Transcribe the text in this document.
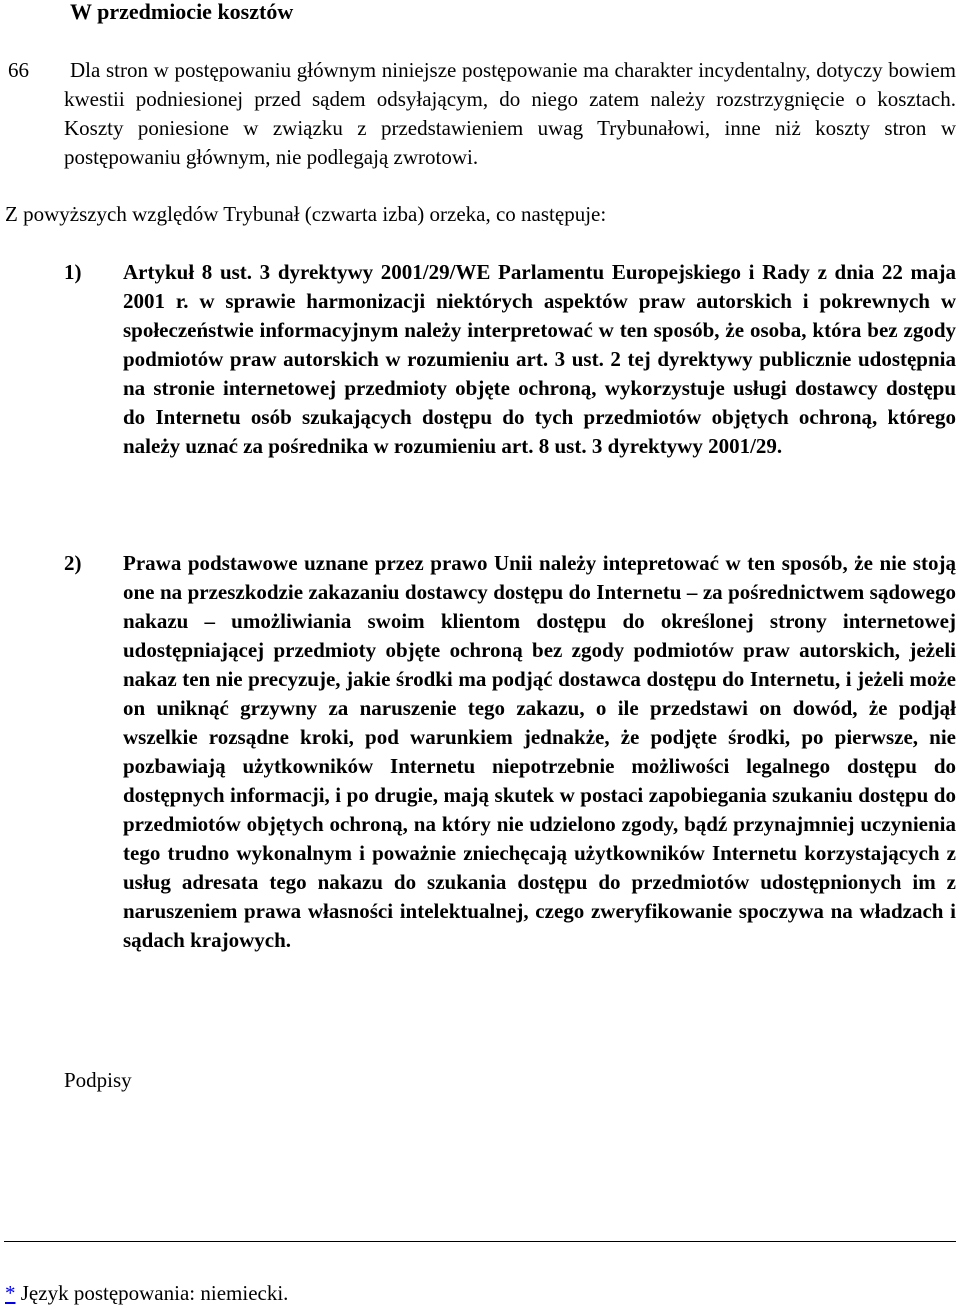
W przedmiocie kosztów
66 Dla stron w postępowaniu głównym niniejsze postępowanie ma charakter incydentalny, dotyczy bowiem kwestii podniesionej przed sądem odsyłającym, do niego zatem należy rozstrzygnięcie o kosztach. Koszty poniesione w związku z przedstawieniem uwag Trybunałowi, inne niż koszty stron w postępowaniu głównym, nie podlegają zwrotowi.
Z powyższych względów Trybunał (czwarta izba) orzeka, co następuje:
1) Artykuł 8 ust. 3 dyrektywy 2001/29/WE Parlamentu Europejskiego i Rady z dnia 22 maja 2001 r. w sprawie harmonizacji niektórych aspektów praw autorskich i pokrewnych w społeczeństwie informacyjnym należy interpretować w ten sposób, że osoba, która bez zgody podmiotów praw autorskich w rozumieniu art. 3 ust. 2 tej dyrektywy publicznie udostępnia na stronie internetowej przedmioty objęte ochroną, wykorzystuje usługi dostawcy dostępu do Internetu osób szukających dostępu do tych przedmiotów objętych ochroną, którego należy uznać za pośrednika w rozumieniu art. 8 ust. 3 dyrektywy 2001/29.
2) Prawa podstawowe uznane przez prawo Unii należy intepretować w ten sposób, że nie stoją one na przeszkodzie zakazaniu dostawcy dostępu do Internetu – za pośrednictwem sądowego nakazu – umożliwiania swoim klientom dostępu do określonej strony internetowej udostępniającej przedmioty objęte ochroną bez zgody podmiotów praw autorskich, jeżeli nakaz ten nie precyzuje, jakie środki ma podjąć dostawca dostępu do Internetu, i jeżeli może on uniknąć grzywny za naruszenie tego zakazu, o ile przedstawi on dowód, że podjął wszelkie rozsądne kroki, pod warunkiem jednakże, że podjęte środki, po pierwsze, nie pozbawiają użytkowników Internetu niepotrzebnie możliwości legalnego dostępu do dostępnych informacji, i po drugie, mają skutek w postaci zapobiegania szukaniu dostępu do przedmiotów objętych ochroną, na który nie udzielono zgody, bądź przynajmniej uczynienia tego trudno wykonalnym i poważnie zniechęcają użytkowników Internetu korzystających z usług adresata tego nakazu do szukania dostępu do przedmiotów udostępnionych im z naruszeniem prawa własności intelektualnej, czego zweryfikowanie spoczywa na władzach i sądach krajowych.
Podpisy
* Język postępowania: niemiecki.
